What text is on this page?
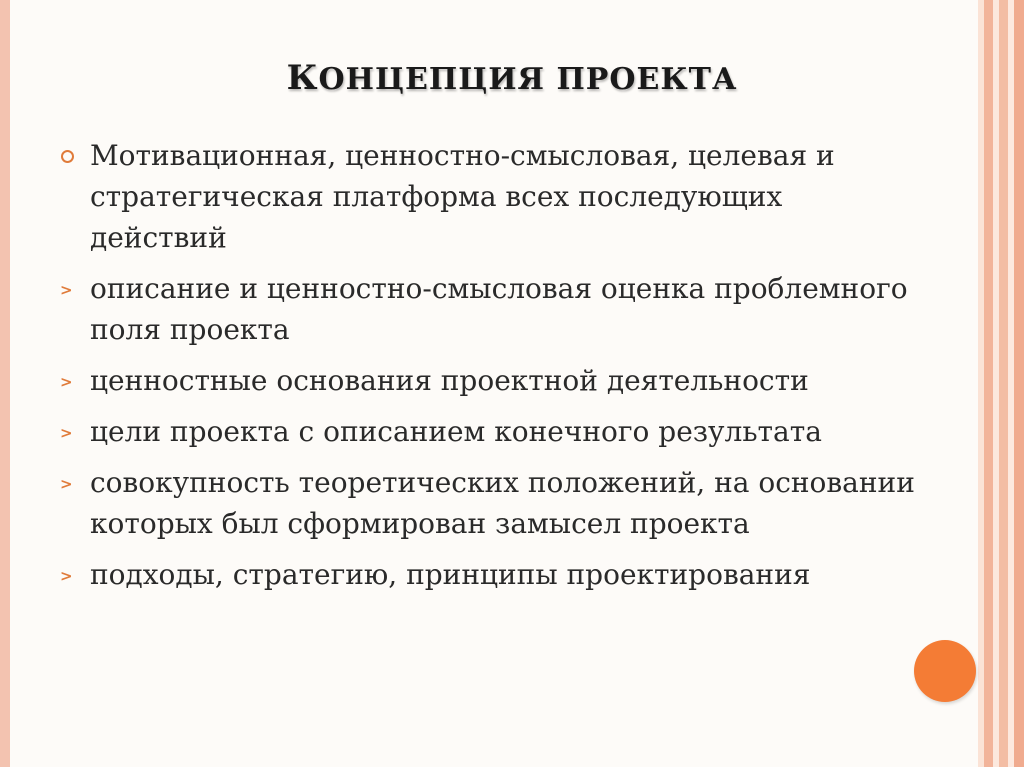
КОНЦЕПЦИЯ ПРОЕКТА
Мотивационная, ценностно-смысловая, целевая и стратегическая платформа всех последующих действий
> описание и ценностно-смысловая оценка проблемного поля проекта
> ценностные основания проектной деятельности
> цели проекта с описанием конечного результата
> совокупность теоретических положений, на основании которых был сформирован замысел проекта
> подходы, стратегию, принципы проектирования
